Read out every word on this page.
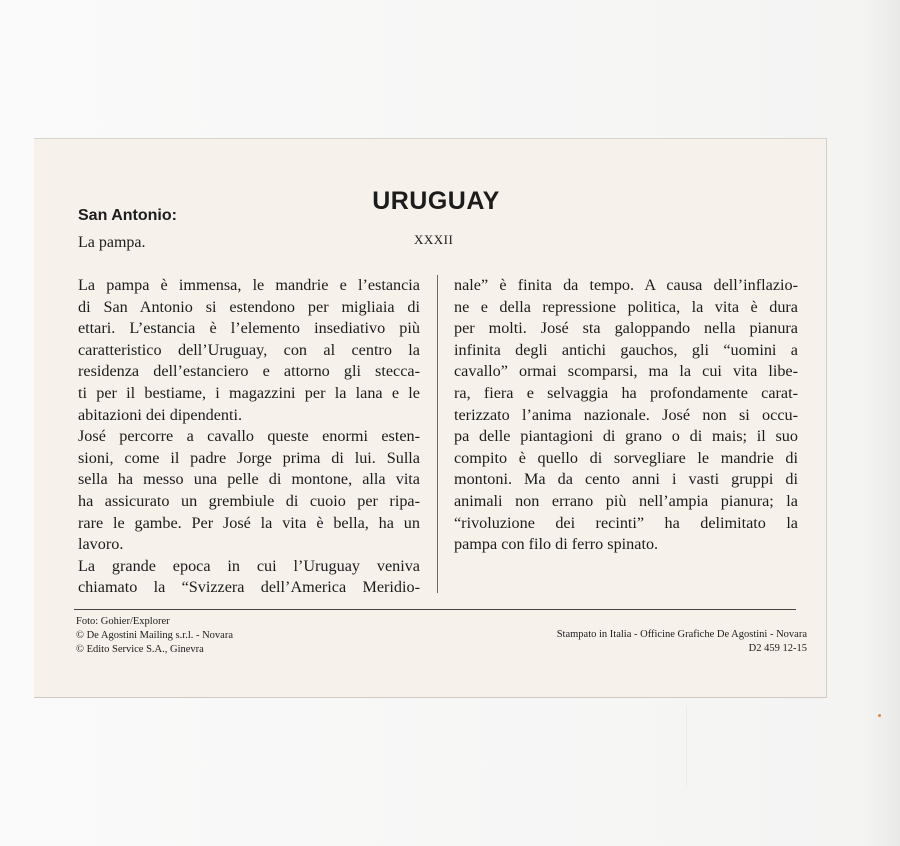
San Antonio:

La pampa.

URUGUAY
XXXII
La pampa è immensa, le mandrie e l’estancia
di San Antonio si estendono per migliaia di
ettari. L’estancia è l’elemento insediativo più
caratteristico dell’Uruguay, con al centro la
residenza dell’estanciero e attorno gli stecca-
ti per il bestiame, i magazzini per la lana e le
abitazioni dei dipendenti.
José percorre a cavallo queste enormi esten-
sioni, come il padre Jorge prima di lui. Sulla
sella ha messo una pelle di montone, alla vita
ha assicurato un grembiule di cuoio per ripa-
rare le gambe. Per José la vita è bella, ha un
lavoro.
La grande epoca in cui l’Uruguay veniva
chiamato la “Svizzera dell’America Meridio-
nale” è finita da tempo. A causa dell’inflazio-
ne e della repressione politica, la vita è dura
per molti. José sta galoppando nella pianura
infinita degli antichi gauchos, gli “uomini a
cavallo” ormai scomparsi, ma la cui vita libe-
ra, fiera e selvaggia ha profondamente carat-
terizzato l’anima nazionale. José non si occu-
pa delle piantagioni di grano o di mais; il suo
compito è quello di sorvegliare le mandrie di
montoni. Ma da cento anni i vasti gruppi di
animali non errano più nell’ampia pianura; la
“rivoluzione dei recinti” ha delimitato la
pampa con filo di ferro spinato.
Foto: Gohier/Explorer
© De Agostini Mailing s.r.l. - Novara
© Edito Service S.A., Ginevra
Stampato in Italia - Officine Grafiche De Agostini - Novara
D2 459 12-15
